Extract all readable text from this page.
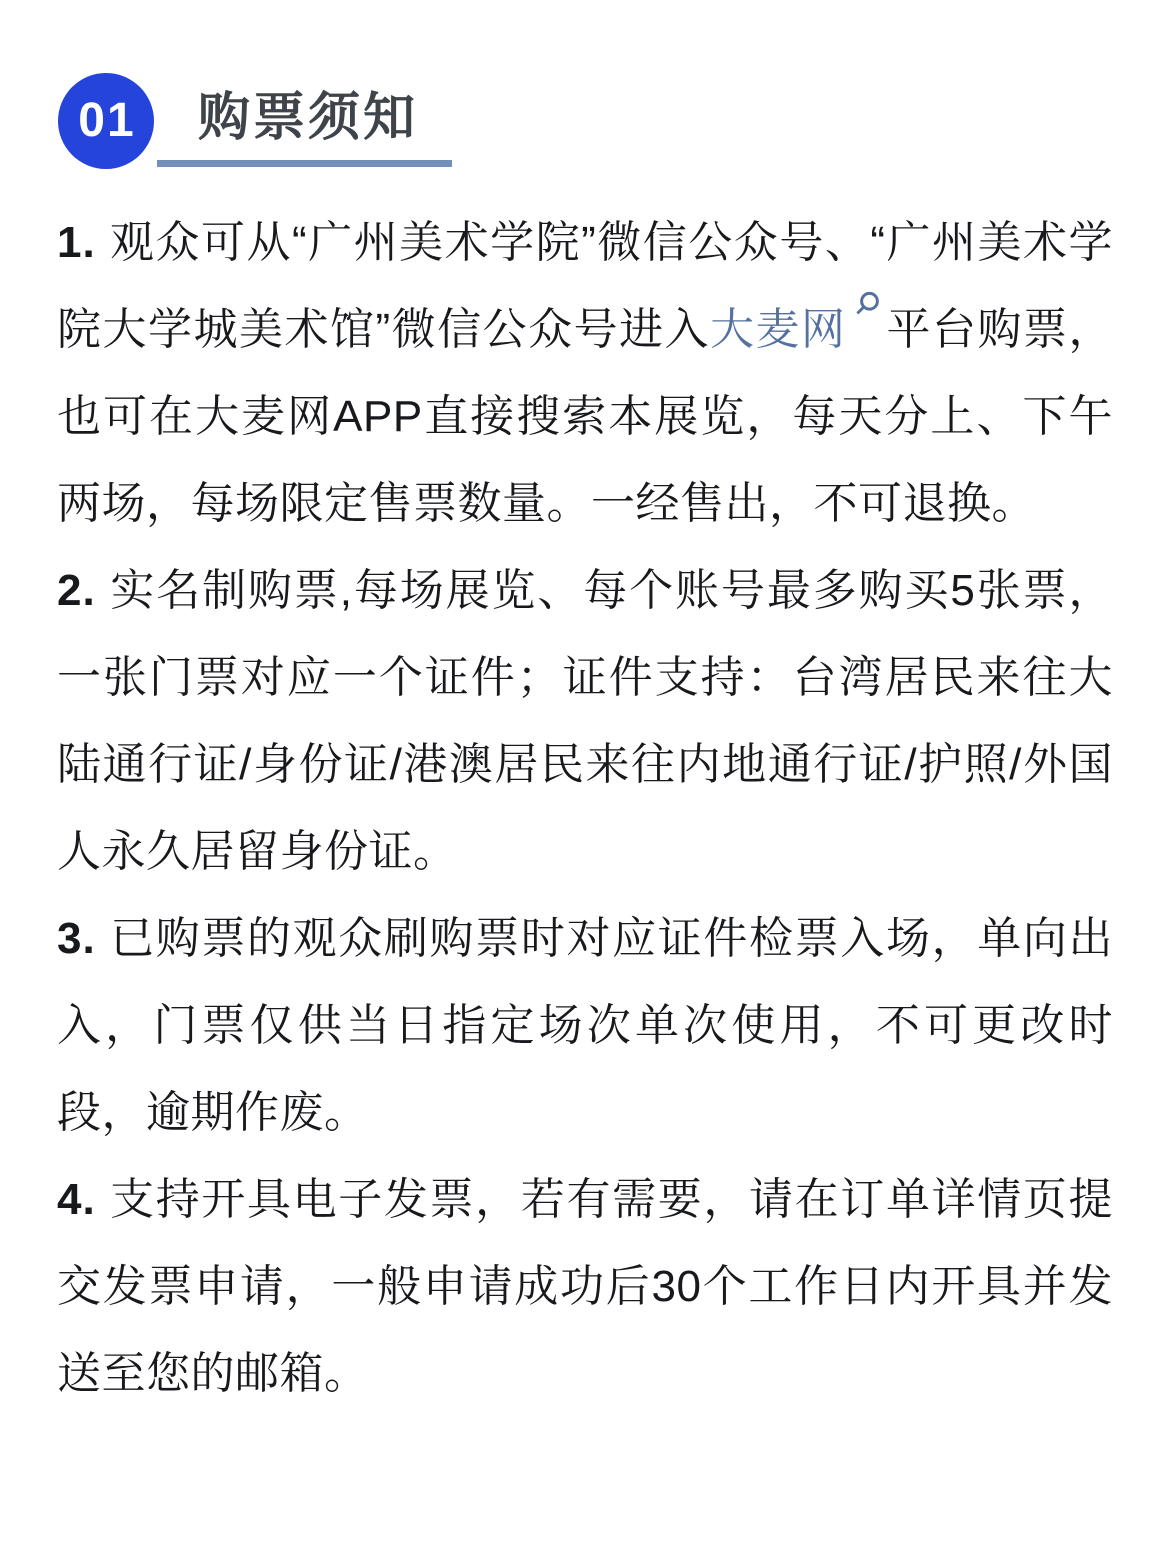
01 购票须知

1. 观众可从“广州美术学院”微信公众号、“广州美术学院大学城美术馆”微信公众号进入大麦网 平台购票，也可在大麦网APP直接搜索本展览，每天分上、下午两场，每场限定售票数量。一经售出，不可退换。

2. 实名制购票,每场展览、每个账号最多购买5张票，一张门票对应一个证件；证件支持：台湾居民来往大陆通行证/身份证/港澳居民来往内地通行证/护照/外国人永久居留身份证。

3. 已购票的观众刷购票时对应证件检票入场，单向出入，门票仅供当日指定场次单次使用，不可更改时段，逾期作废。

4. 支持开具电子发票，若有需要，请在订单详情页提交发票申请，一般申请成功后30个工作日内开具并发送至您的邮箱。
